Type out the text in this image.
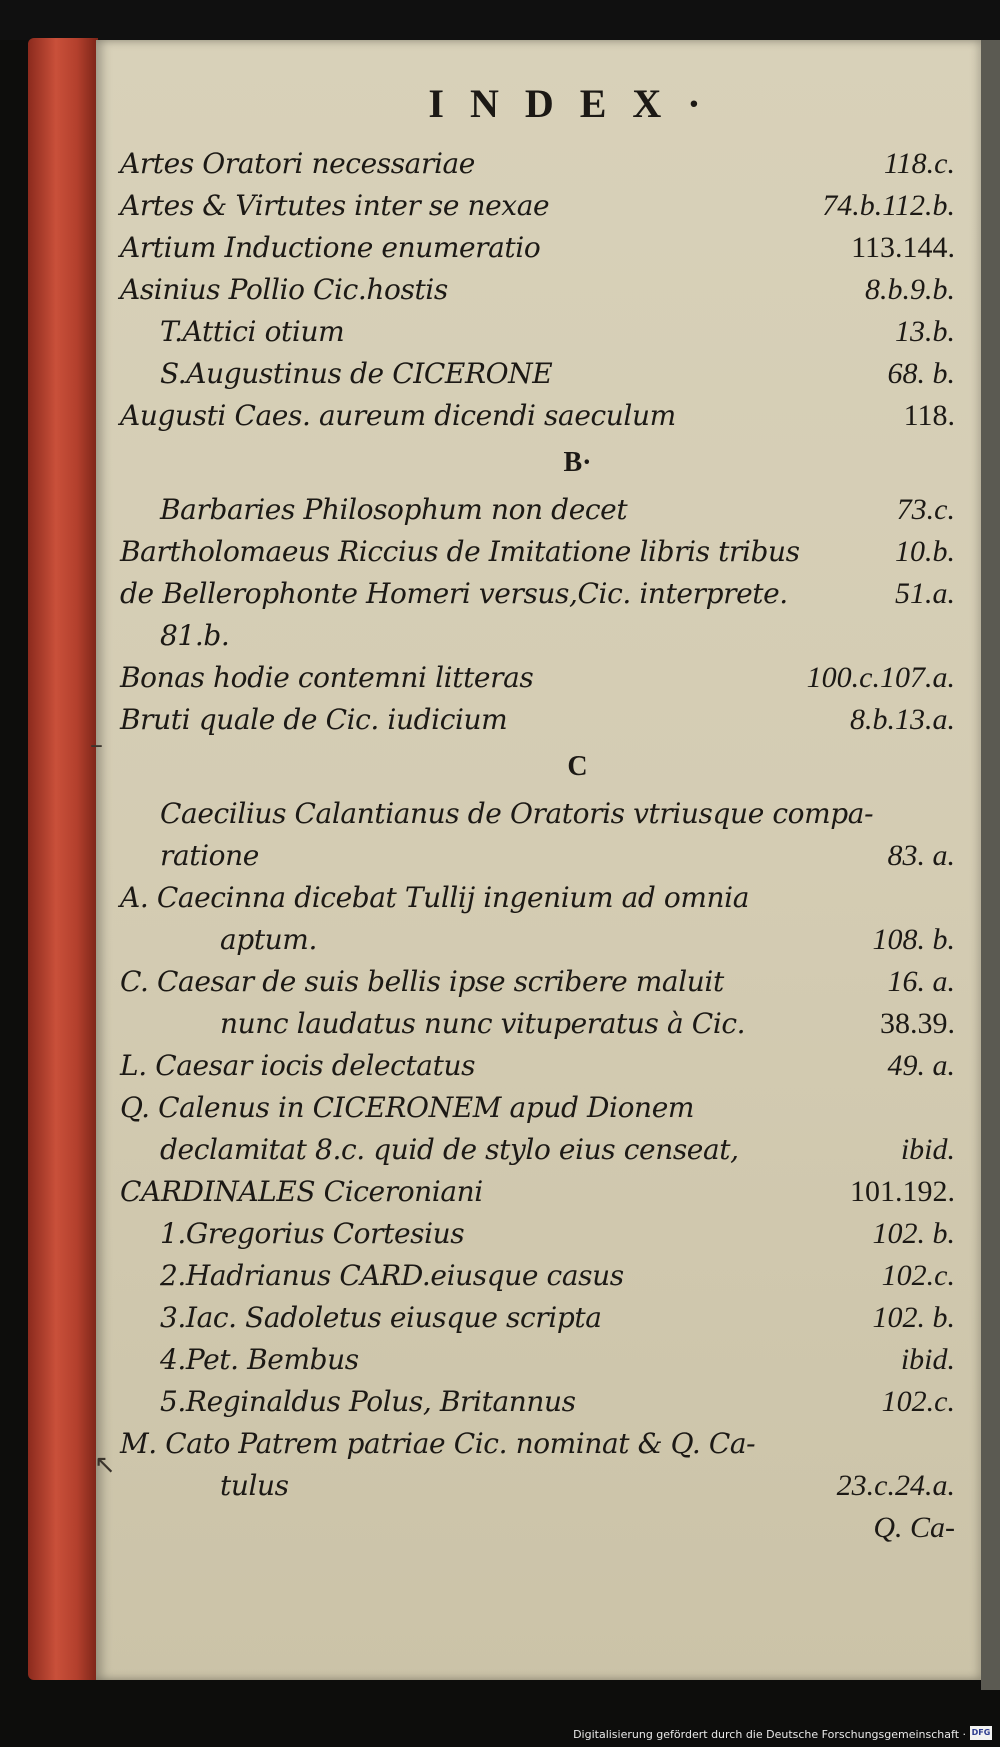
INDEX·
Artes Oratori necessariae	118.c.
Artes & Virtutes inter se nexae	74.b.112.b.
Artium Inductione enumeratio	113.144.
Asinius Pollio Cic.hostis	8.b.9.b.
T.Attici otium	13.b.
S.Augustinus de CICERONE	68. b.
Augusti Caes. aureum dicendi saeculum	118.
B·
Barbaries Philosophum non decet	73.c.
Bartholomaeus Riccius de Imitatione libris tribus	10.b.
de Bellerophonte Homeri versus,Cic. interprete.	51.a.
81.b.
Bonas hodie contemni litteras	100.c.107.a.
Bruti quale de Cic. iudicium	8.b.13.a.
C
Caecilius Calantianus de Oratoris vtriusque compa-
ratione	83. a.
A. Caecinna dicebat Tullij ingenium ad omnia
aptum.	108. b.
C. Caesar de suis bellis ipse scribere maluit	16. a.
nunc laudatus nunc vituperatus à Cic.	38.39.
L. Caesar iocis delectatus	49. a.
Q. Calenus in CICERONEM apud Dionem
declamitat 8.c. quid de stylo eius censeat,	ibid.
CARDINALES Ciceroniani	101.192.
1.Gregorius Cortesius	102. b.
2.Hadrianus CARD.eiusque casus	102.c.
3.Iac. Sadoletus eiusque scripta	102. b.
4.Pet. Bembus	ibid.
5.Reginaldus Polus, Britannus	102.c.
M. Cato Patrem patriae Cic. nominat & Q. Ca-
tulus	23.c.24.a.
Q. Ca-
–
↖
Digitalisierung gefördert durch die Deutsche Forschungsgemeinschaft · DFG
